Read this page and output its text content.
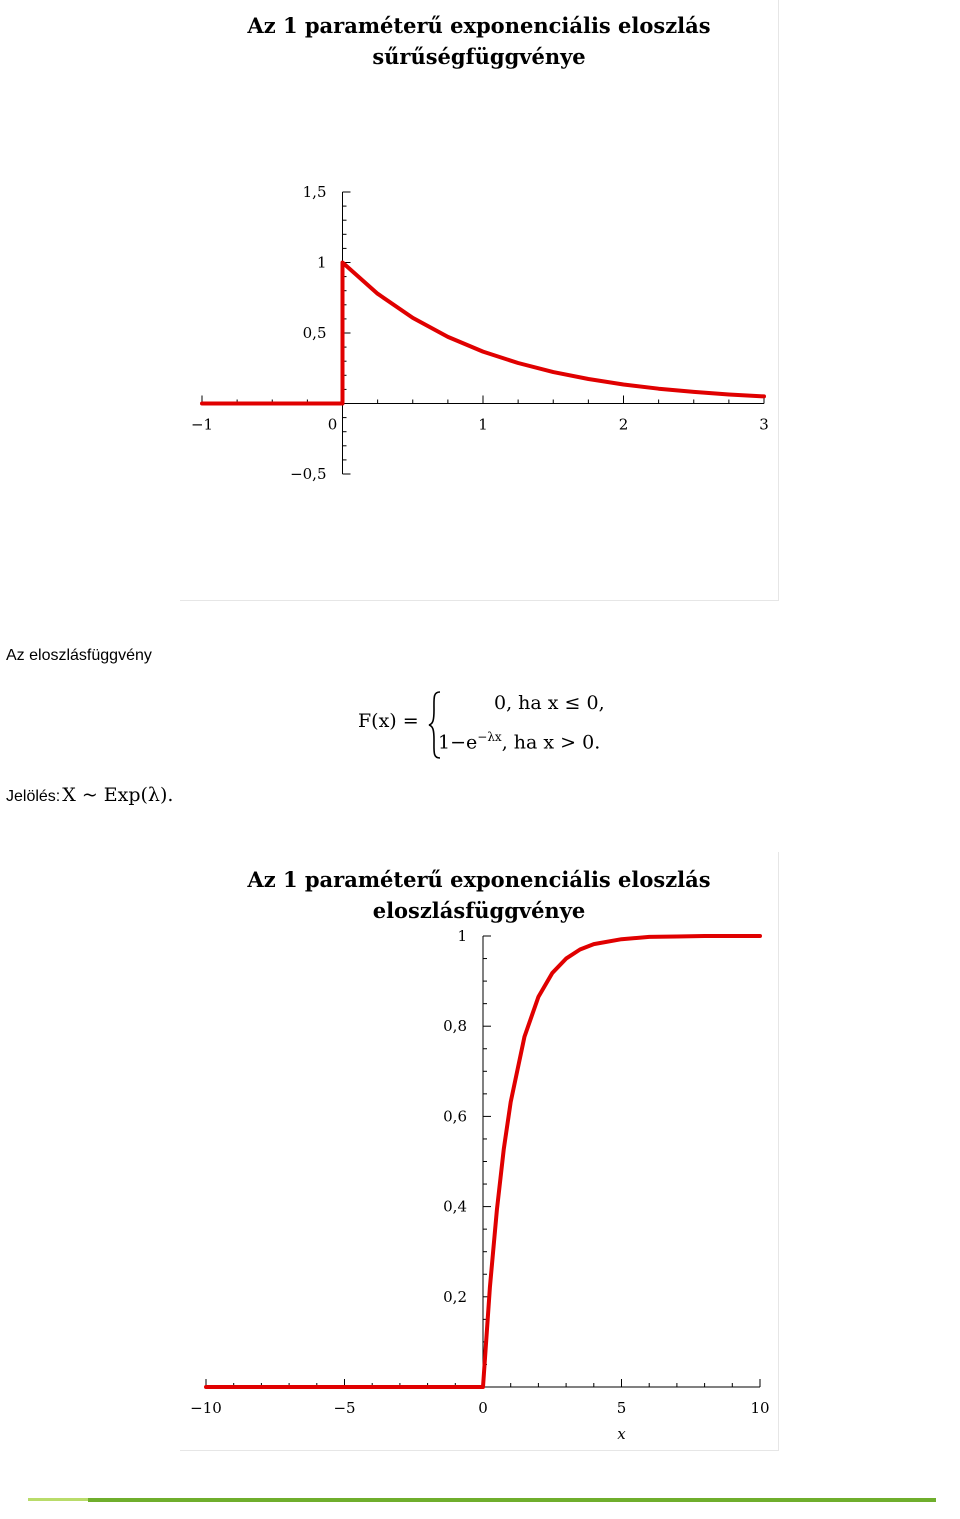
Az 1 paraméterű exponenciális eloszlás
sűrűségfüggvénye
−1	0	1	2	3
−0,5
0,5
1
1,5
Az eloszlásfüggvény
F(x) =
0, ha x ≤ 0,
$1-e^{-\lambda x}$, ha x > 0.
Jelölés: X ~ Exp(λ).
Az 1 paraméterű exponenciális eloszlás
eloszlásfüggvénye
−10	−5	0	5	10
0,2
0,4
0,6
0,8
1
x
